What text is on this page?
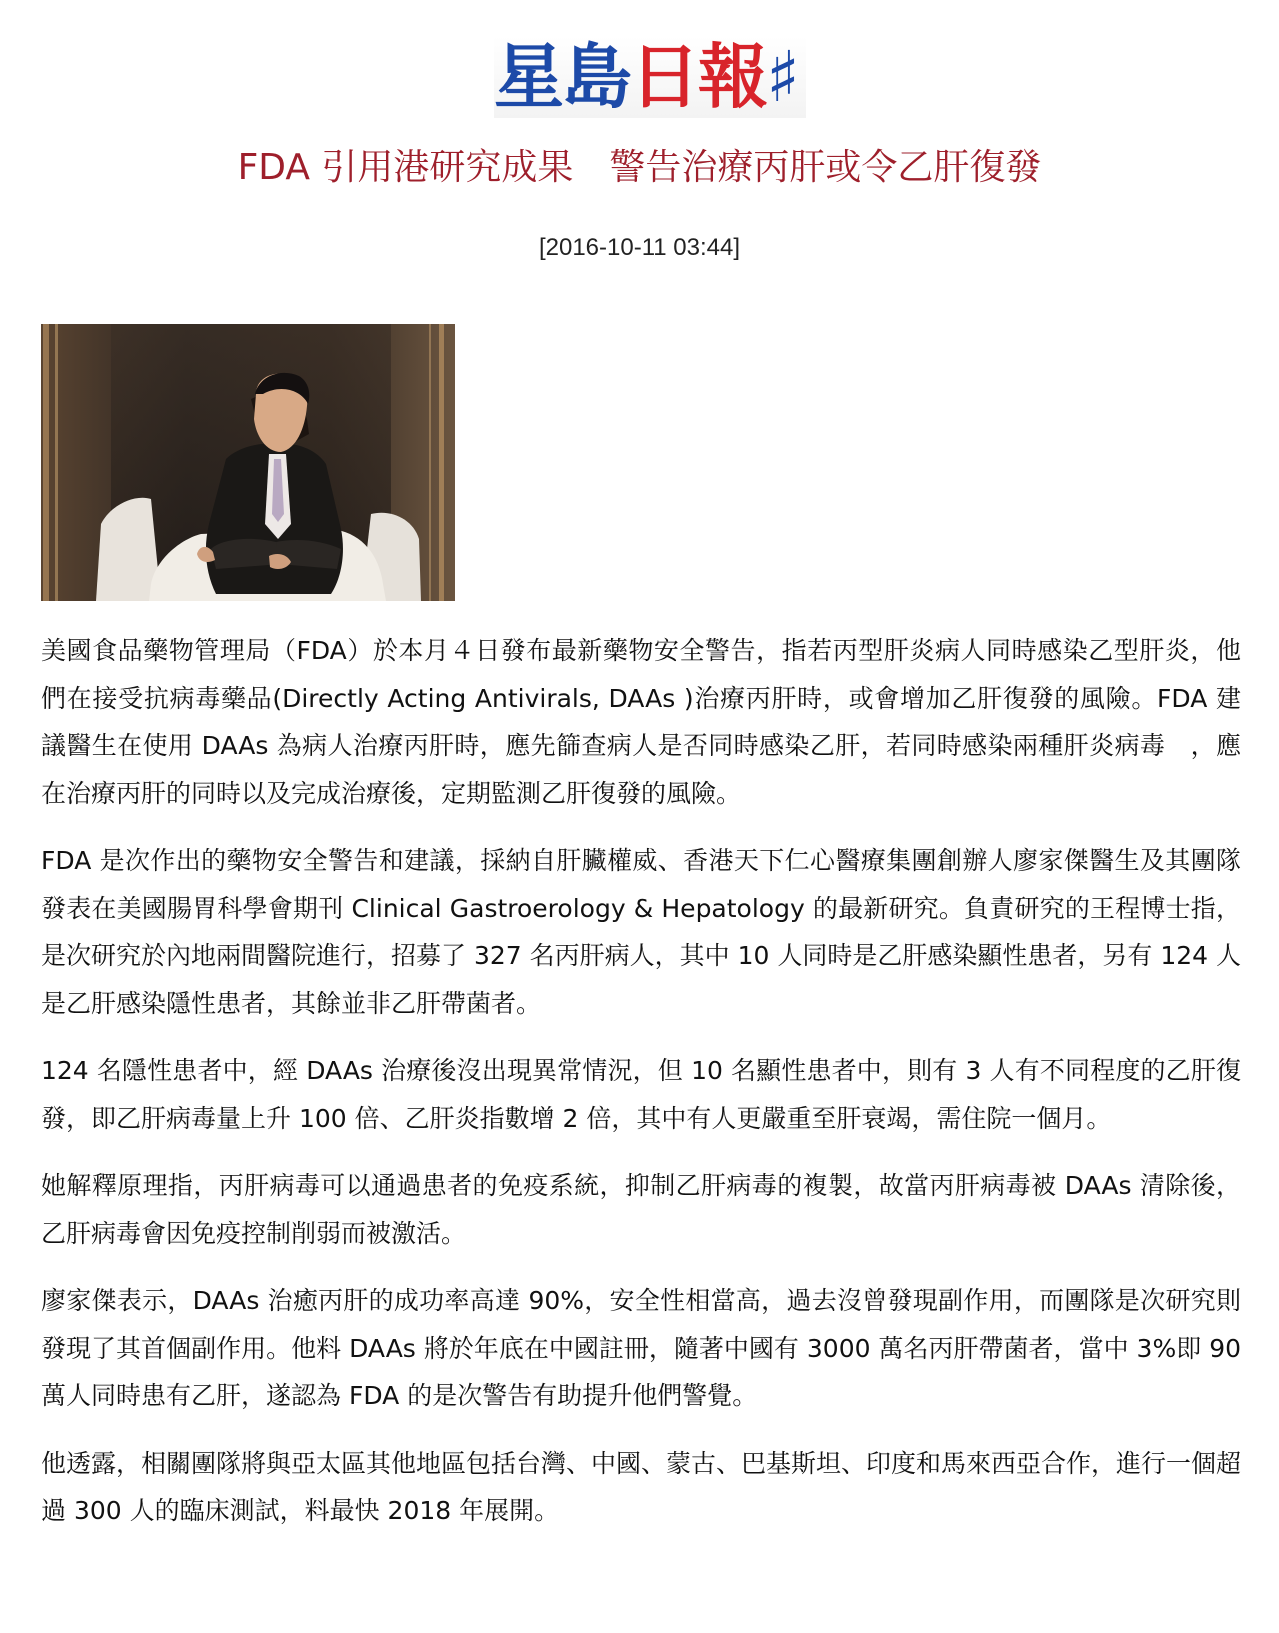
星島日報♯
FDA 引用港研究成果　警告治療丙肝或令乙肝復發
[2016-10-11 03:44]

美國食品藥物管理局（FDA）於本月４日發布最新藥物安全警告，指若丙型肝炎病人同時感染乙型肝炎，他們在接受抗病毒藥品(Directly Acting Antivirals, DAAs )治療丙肝時，或會增加乙肝復發的風險。FDA 建議醫生在使用 DAAs 為病人治療丙肝時，應先篩查病人是否同時感染乙肝，若同時感染兩種肝炎病毒　，應在治療丙肝的同時以及完成治療後，定期監測乙肝復發的風險。

FDA 是次作出的藥物安全警告和建議，採納自肝臟權威、香港天下仁心醫療集團創辦人廖家傑醫生及其團隊發表在美國腸胃科學會期刊 Clinical Gastroerology & Hepatology 的最新研究。負責研究的王程博士指，是次研究於內地兩間醫院進行，招募了 327 名丙肝病人，其中 10 人同時是乙肝感染顯性患者，另有 124 人是乙肝感染隱性患者，其餘並非乙肝帶菌者。

124 名隱性患者中，經 DAAs 治療後沒出現異常情況，但 10 名顯性患者中，則有 3 人有不同程度的乙肝復發，即乙肝病毒量上升 100 倍、乙肝炎指數增 2 倍，其中有人更嚴重至肝衰竭，需住院一個月。

她解釋原理指，丙肝病毒可以通過患者的免疫系統，抑制乙肝病毒的複製，故當丙肝病毒被 DAAs 清除後，乙肝病毒會因免疫控制削弱而被激活。

廖家傑表示，DAAs 治癒丙肝的成功率高達 90%，安全性相當高，過去沒曾發現副作用，而團隊是次研究則發現了其首個副作用。他料 DAAs 將於年底在中國註冊，隨著中國有 3000 萬名丙肝帶菌者，當中 3%即 90 萬人同時患有乙肝，遂認為 FDA 的是次警告有助提升他們警覺。

他透露，相關團隊將與亞太區其他地區包括台灣、中國、蒙古、巴基斯坦、印度和馬來西亞合作，進行一個超過 300 人的臨床測試，料最快 2018 年展開。
